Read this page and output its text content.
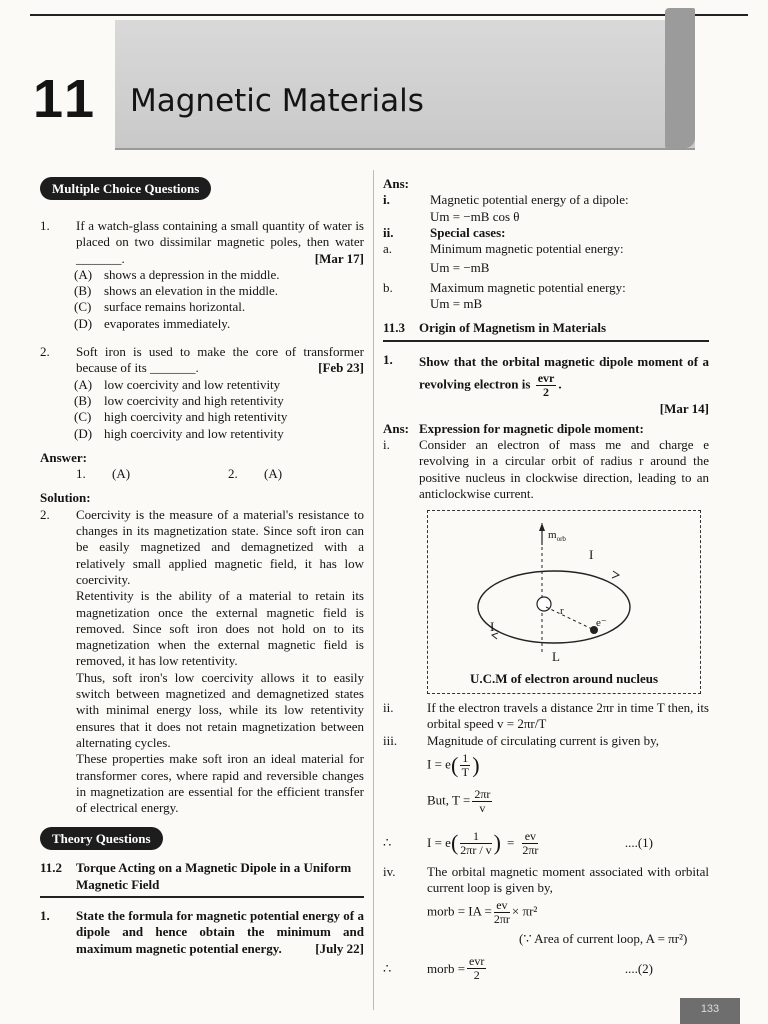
11 Magnetic Materials
Multiple Choice Questions
1.	If a watch-glass containing a small quantity of water is placed on two dissimilar magnetic poles, then water _______.	[Mar 17]
(A) shows a depression in the middle.
(B) shows an elevation in the middle.
(C) surface remains horizontal.
(D) evaporates immediately.
2.	Soft iron is used to make the core of transformer because of its _______.	[Feb 23]
(A) low coercivity and low retentivity
(B) low coercivity and high retentivity
(C) high coercivity and high retentivity
(D) high coercivity and low retentivity
Answer:
1.	(A)	2.	(A)
Solution:
2.	Coercivity is the measure of a material's resistance to changes in its magnetization state. Since soft iron can be easily magnetized and demagnetized with a relatively small applied magnetic field, it has low coercivity.
Retentivity is the ability of a material to retain its magnetization once the external magnetic field is removed. Since soft iron does not hold on to its magnetization when the external magnetic field is removed, it has low retentivity.
Thus, soft iron's low coercivity allows it to easily switch between magnetized and demagnetized states with minimal energy loss, while its low retentivity ensures that it does not retain magnetization between alternating cycles.
These properties make soft iron an ideal material for transformer cores, where rapid and reversible changes in magnetization are essential for the efficient transfer of electrical energy.
Theory Questions
11.2	Torque Acting on a Magnetic Dipole in a Uniform Magnetic Field
1.	State the formula for magnetic potential energy of a dipole and hence obtain the minimum and maximum magnetic potential energy.	[July 22]
Ans:
i.	Magnetic potential energy of a dipole:
Um = −mB cos θ
ii.	Special cases:
a.	Minimum magnetic potential energy:
Um = −mB
b.	Maximum magnetic potential energy:
Um = mB
11.3	Origin of Magnetism in Materials
1.	Show that the orbital magnetic dipole moment of a revolving electron is $\frac{\text{evr}}{2}$ .
[Mar 14]
Ans: Expression for magnetic dipole moment:
i.	Consider an electron of mass me and charge e revolving in a circular orbit of radius r around the positive nucleus in clockwise direction, leading to an anticlockwise current.
$m_{orb}$
I
I
r
e⁻
L
U.C.M of electron around nucleus
ii.	If the electron travels a distance 2πr in time T then, its orbital speed v = 2πr/T
iii.	Magnitude of circulating current is given by,
$I = e( \frac{1}{T}$ )
But, $T = \frac{2\pi r}{v}$
∴	I = e ( $\frac{1}{2\pi r / v}$ ) = $\frac{ev}{2\pi r}$	....(1)
iv.	The orbital magnetic moment associated with orbital current loop is given by,
morb = IA = $\frac{ev}{2\pi r} \times \pi r^2$
(∵ Area of current loop, A = πr²)
∴	morb = $\frac{\text{evr}}{2}$	....(2)
133
